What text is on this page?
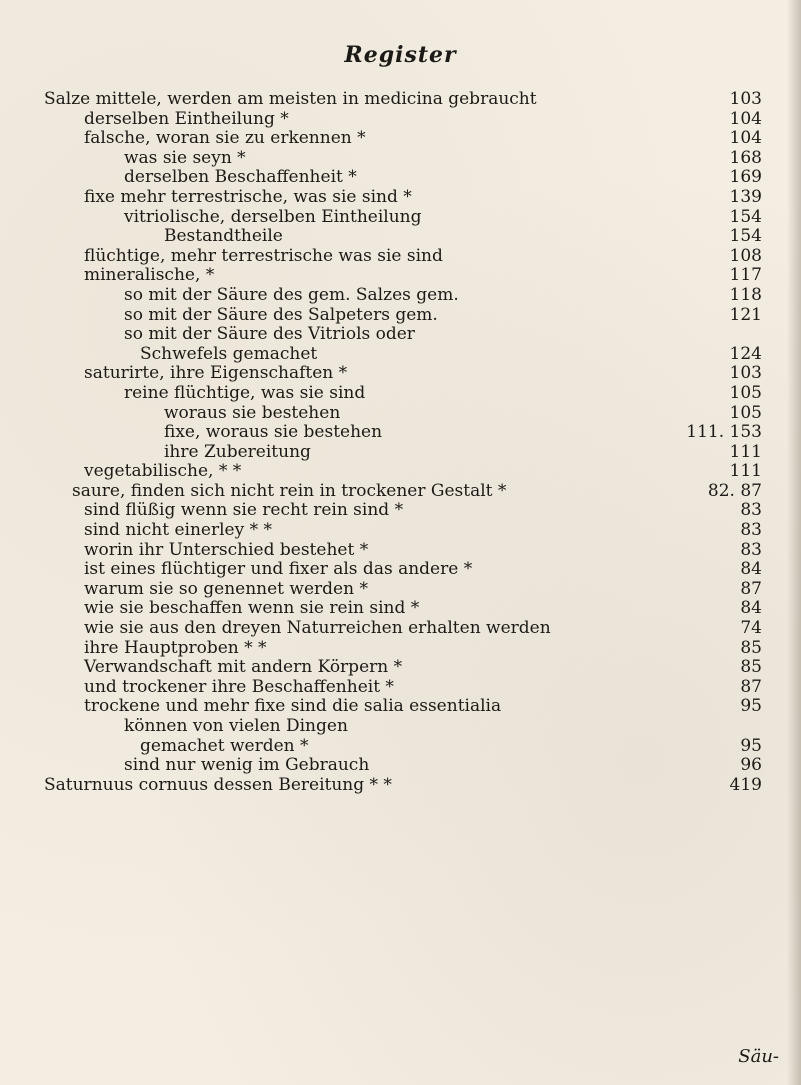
Register
Salze mittele, werden am meisten in medicina gebraucht	103
derselben Eintheilung *	104
falsche, woran sie zu erkennen *	104
was sie seyn *	168
derselben Beschaffenheit *	169
fixe mehr terrestrische, was sie sind *	139
vitriolische, derselben Eintheilung	154
Bestandtheile	154
flüchtige, mehr terrestrische was sie sind	108
mineralische, *	117
so mit der Säure des gem. Salzes gem.	118
so mit der Säure des Salpeters gem.	121
so mit der Säure des Vitriols oder
Schwefels gemachet	124
saturirte, ihre Eigenschaften *	103
reine flüchtige, was sie sind	105
woraus sie bestehen	105
fixe, woraus sie bestehen	111. 153
ihre Zubereitung	111
vegetabilische, * *	111
saure, finden sich nicht rein in trockener Gestalt *	82. 87
sind flüßig wenn sie recht rein sind *	83
sind nicht einerley * *	83
worin ihr Unterschied bestehet *	83
ist eines flüchtiger und fixer als das andere *	84
warum sie so genennet werden *	87
wie sie beschaffen wenn sie rein sind *	84
wie sie aus den dreyen Naturreichen erhalten werden	74
ihre Hauptproben * *	85
Verwandschaft mit andern Körpern *	85
und trockener ihre Beschaffenheit *	87
trockene und mehr fixe sind die salia essentialia	95
können von vielen Dingen
gemachet werden *	95
sind nur wenig im Gebrauch	96
Saturnuus cornuus dessen Bereitung * *	419
Säu-
